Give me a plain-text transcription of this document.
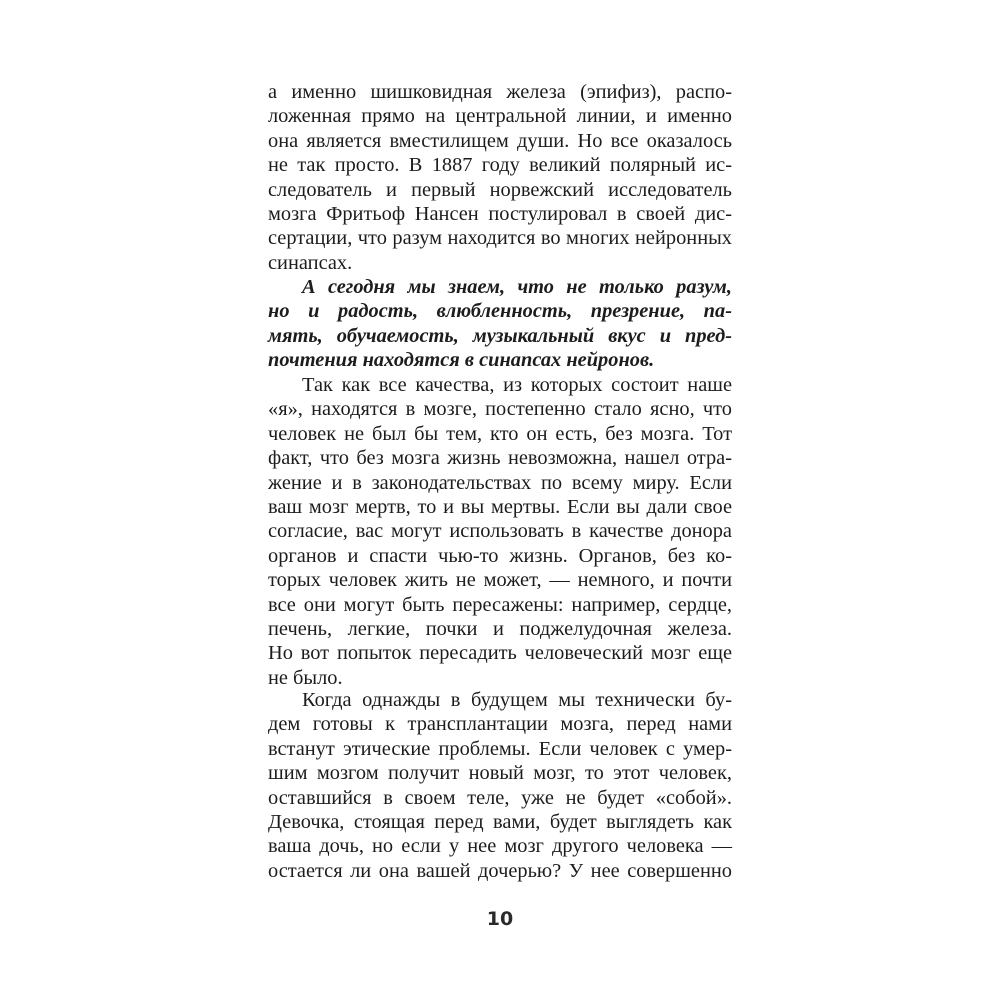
а именно шишковидная железа (эпифиз), распо-
ложенная прямо на центральной линии, и именно
она является вместилищем души. Но все оказалось
не так просто. В 1887 году великий полярный ис-
следователь и первый норвежский исследователь
мозга Фритьоф Нансен постулировал в своей дис-
сертации, что разум находится во многих нейронных
синапсах.
А сегодня мы знаем, что не только разум,
но и радость, влюбленность, презрение, па-
мять, обучаемость, музыкальный вкус и пред-
почтения находятся в синапсах нейронов.
Так как все качества, из которых состоит наше
«я», находятся в мозге, постепенно стало ясно, что
человек не был бы тем, кто он есть, без мозга. Тот
факт, что без мозга жизнь невозможна, нашел отра-
жение и в законодательствах по всему миру. Если
ваш мозг мертв, то и вы мертвы. Если вы дали свое
согласие, вас могут использовать в качестве донора
органов и спасти чью-то жизнь. Органов, без ко-
торых человек жить не может, — немного, и почти
все они могут быть пересажены: например, сердце,
печень, легкие, почки и поджелудочная железа.
Но вот попыток пересадить человеческий мозг еще
не было.
Когда однажды в будущем мы технически бу-
дем готовы к трансплантации мозга, перед нами
встанут этические проблемы. Если человек с умер-
шим мозгом получит новый мозг, то этот человек,
оставшийся в своем теле, уже не будет «собой».
Девочка, стоящая перед вами, будет выглядеть как
ваша дочь, но если у нее мозг другого человека —
остается ли она вашей дочерью? У нее совершенно
10
